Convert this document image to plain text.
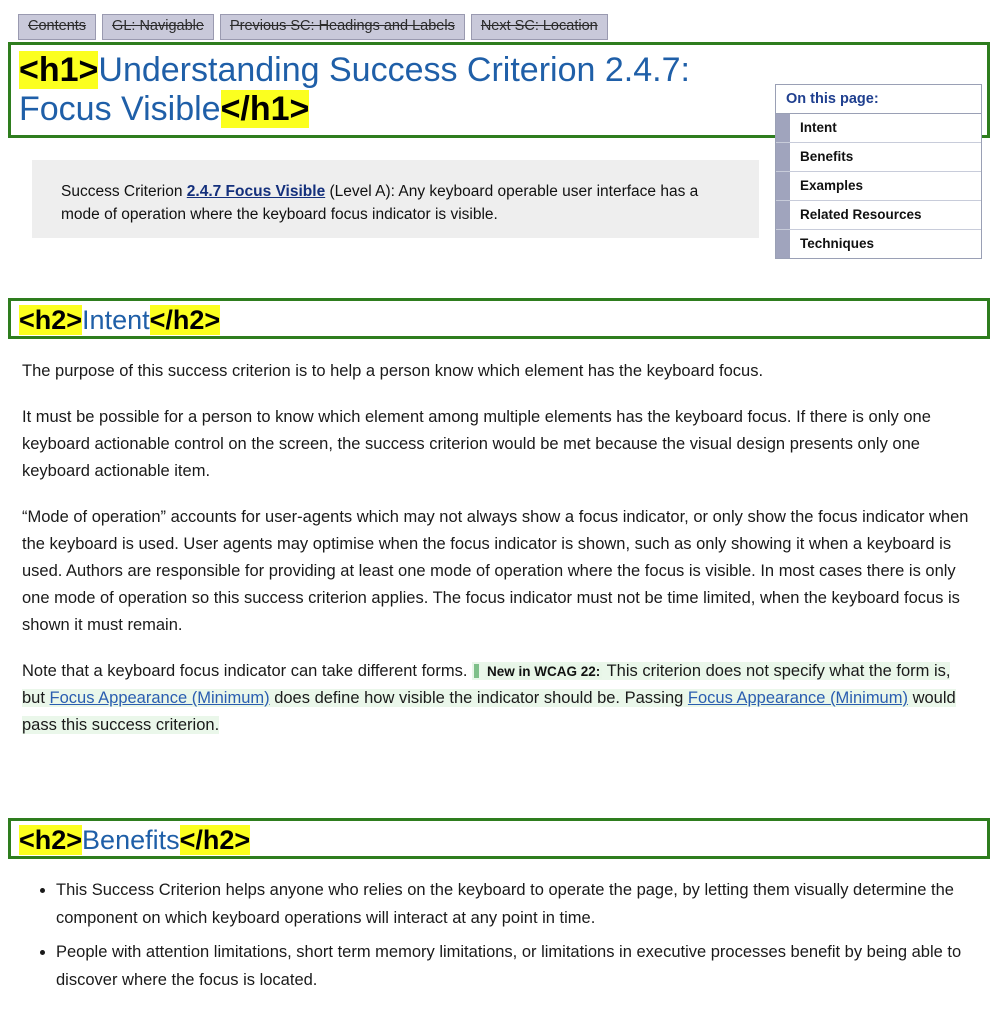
Contents	GL: Navigable	Previous SC: Headings and Labels	Next SC: Location
<h1>Understanding Success Criterion 2.4.7:
Focus Visible</h1>	On this page:
Intent
Benefits
Examples
Related Resources
Techniques

Success Criterion 2.4.7 Focus Visible (Level A): Any keyboard operable user interface has a mode of operation where the keyboard focus indicator is visible.

<h2>Intent</h2>

The purpose of this success criterion is to help a person know which element has the keyboard focus.

It must be possible for a person to know which element among multiple elements has the keyboard focus. If there is only one keyboard actionable control on the screen, the success criterion would be met because the visual design presents only one keyboard actionable item.

“Mode of operation” accounts for user-agents which may not always show a focus indicator, or only show the focus indicator when the keyboard is used. User agents may optimise when the focus indicator is shown, such as only showing it when a keyboard is used. Authors are responsible for providing at least one mode of operation where the focus is visible. In most cases there is only one mode of operation so this success criterion applies. The focus indicator must not be time limited, when the keyboard focus is shown it must remain.

Note that a keyboard focus indicator can take different forms. New in WCAG 22: This criterion does not specify what the form is, but Focus Appearance (Minimum) does define how visible the indicator should be. Passing Focus Appearance (Minimum) would pass this success criterion.

<h2>Benefits</h2>
• This Success Criterion helps anyone who relies on the keyboard to operate the page, by letting them visually determine the component on which keyboard operations will interact at any point in time.
• People with attention limitations, short term memory limitations, or limitations in executive processes benefit by being able to discover where the focus is located.
